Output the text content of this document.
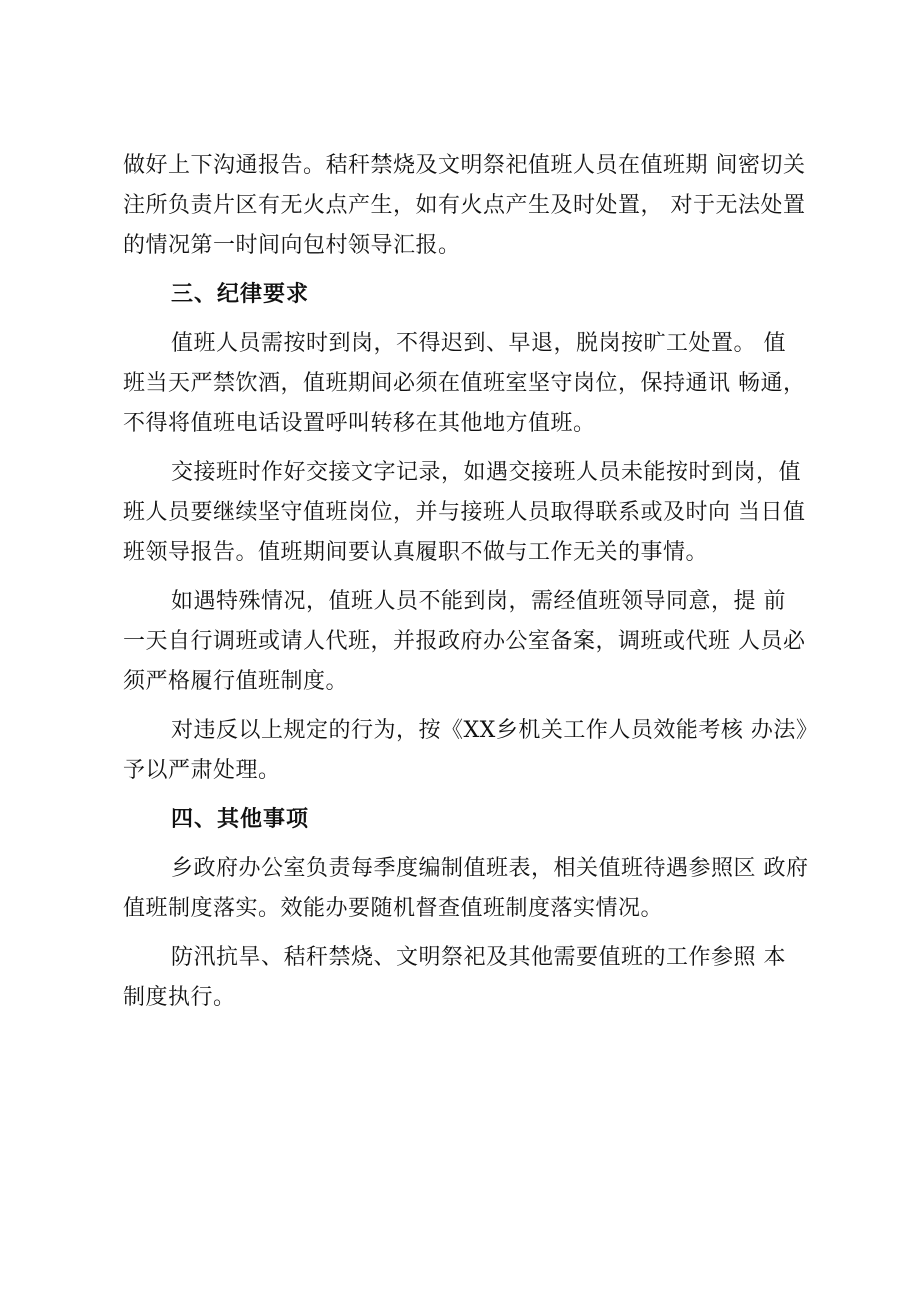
做好上下沟通报告。秸秆禁烧及文明祭祀值班人员在值班期 间密切关
注所负责片区有无火点产生，如有火点产生及时处置， 对于无法处置
的情况第一时间向包村领导汇报。

三、纪律要求

值班人员需按时到岗，不得迟到、早退，脱岗按旷工处置。 值
班当天严禁饮酒，值班期间必须在值班室坚守岗位，保持通讯 畅通，
不得将值班电话设置呼叫转移在其他地方值班。

交接班时作好交接文字记录，如遇交接班人员未能按时到岗，值
班人员要继续坚守值班岗位，并与接班人员取得联系或及时向 当日值
班领导报告。值班期间要认真履职不做与工作无关的事情。

如遇特殊情况，值班人员不能到岗，需经值班领导同意，提 前
一天自行调班或请人代班，并报政府办公室备案，调班或代班 人员必
须严格履行值班制度。

对违反以上规定的行为，按《XX乡机关工作人员效能考核 办法》
予以严肃处理。

四、其他事项

乡政府办公室负责每季度编制值班表，相关值班待遇参照区 政府
值班制度落实。效能办要随机督查值班制度落实情况。

防汛抗旱、秸秆禁烧、文明祭祀及其他需要值班的工作参照 本
制度执行。
